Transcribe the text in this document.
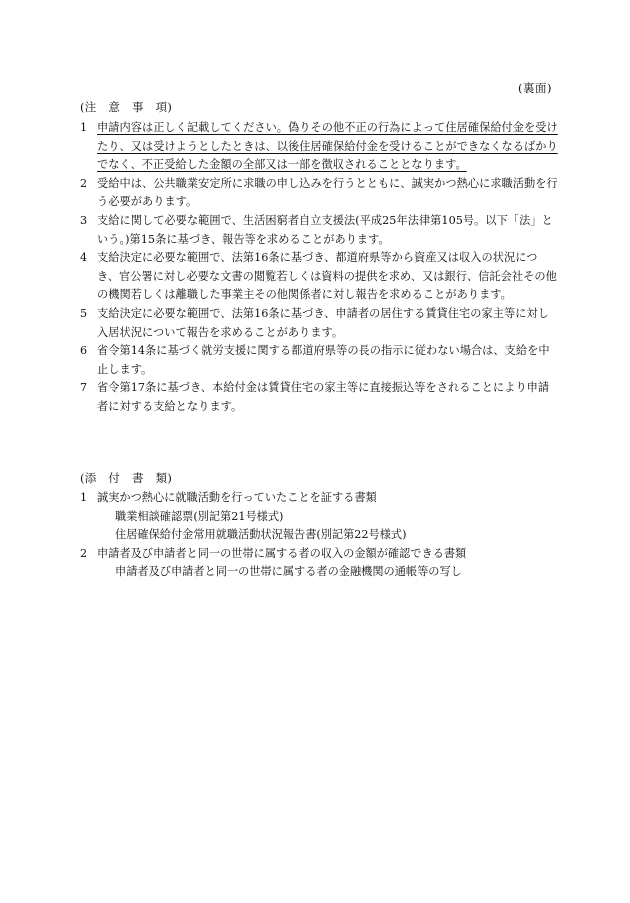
(裏面)
(注　意　事　項)
1 申請内容は正しく記載してください。偽りその他不正の行為によって住居確保給付金を受けたり、又は受けようとしたときは、以後住居確保給付金を受けることができなくなるばかりでなく、不正受給した金額の全部又は一部を徴収されることとなります。
2 受給中は、公共職業安定所に求職の申し込みを行うとともに、誠実かつ熱心に求職活動を行う必要があります。
3 支給に関して必要な範囲で、生活困窮者自立支援法(平成25年法律第105号。以下「法」という。)第15条に基づき、報告等を求めることがあります。
4 支給決定に必要な範囲で、法第16条に基づき、都道府県等から資産又は収入の状況につき、官公署に対し必要な文書の閲覧若しくは資料の提供を求め、又は銀行、信託会社その他の機関若しくは離職した事業主その他関係者に対し報告を求めることがあります。
5 支給決定に必要な範囲で、法第16条に基づき、申請者の居住する賃貸住宅の家主等に対し入居状況について報告を求めることがあります。
6 省令第14条に基づく就労支援に関する都道府県等の長の指示に従わない場合は、支給を中止します。
7 省令第17条に基づき、本給付金は賃貸住宅の家主等に直接振込等をされることにより申請者に対する支給となります。
(添　付　書　類)
1 誠実かつ熱心に就職活動を行っていたことを証する書類
職業相談確認票(別記第21号様式)
住居確保給付金常用就職活動状況報告書(別記第22号様式)
2 申請者及び申請者と同一の世帯に属する者の収入の金額が確認できる書類
申請者及び申請者と同一の世帯に属する者の金融機関の通帳等の写し
